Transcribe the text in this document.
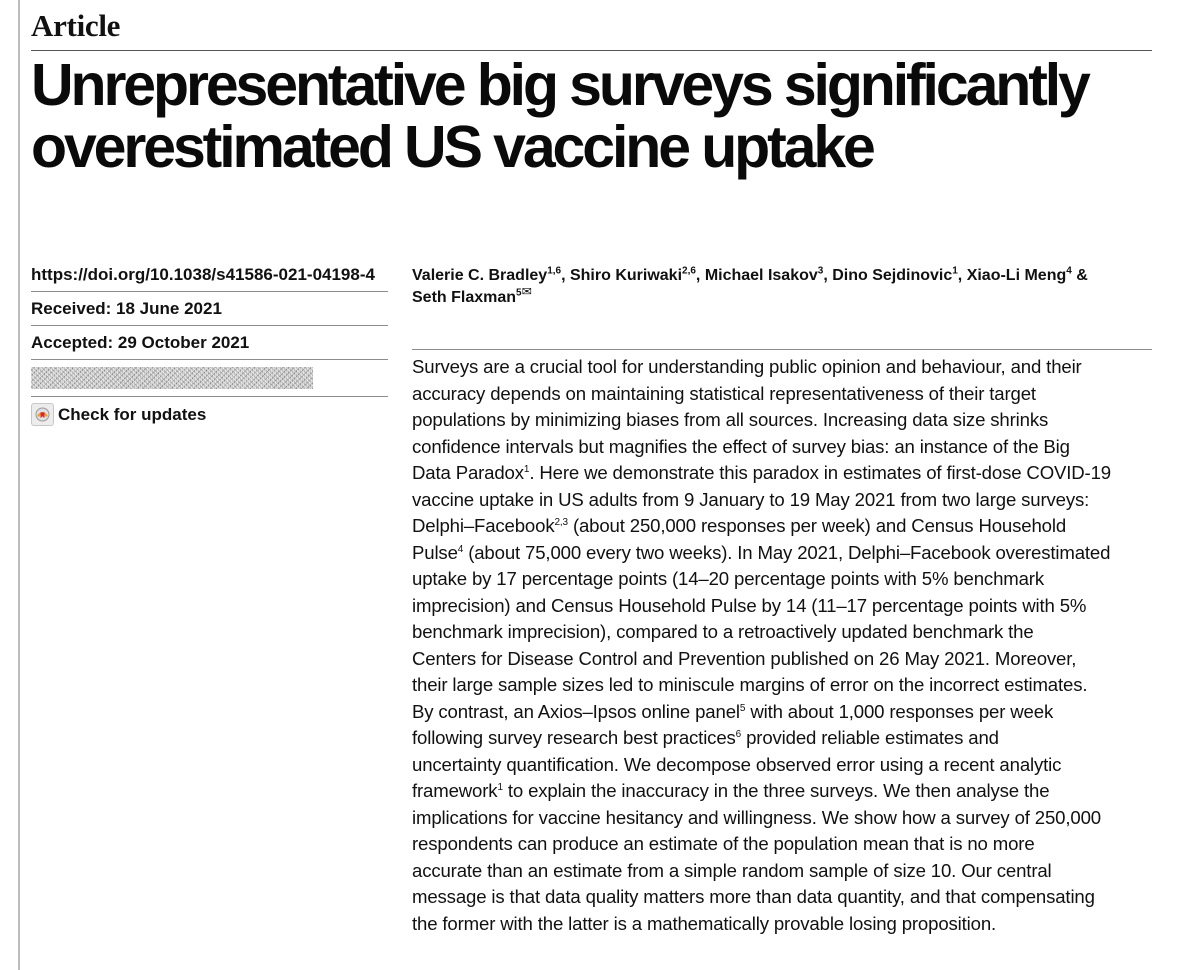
Article
Unrepresentative big surveys significantly
overestimated US vaccine uptake
https://doi.org/10.1038/s41586-021-04198-4
Received: 18 June 2021
Accepted: 29 October 2021
Check for updates

Valerie C. Bradley$^{1,6}$, Shiro Kuriwaki$^{2,6}$, Michael Isakov$^3$, Dino Sejdinovic$^1$, Xiao-Li Meng$^4$ &
Seth Flaxman$^{5✉}$

Surveys are a crucial tool for understanding public opinion and behaviour, and their
accuracy depends on maintaining statistical representativeness of their target
populations by minimizing biases from all sources. Increasing data size shrinks
confidence intervals but magnifies the effect of survey bias: an instance of the Big
Data Paradox$^1$. Here we demonstrate this paradox in estimates of first-dose COVID-19
vaccine uptake in US adults from 9 January to 19 May 2021 from two large surveys:
Delphi–Facebook$^{2,3}$ (about 250,000 responses per week) and Census Household
Pulse$^4$ (about 75,000 every two weeks). In May 2021, Delphi–Facebook overestimated
uptake by 17 percentage points (14–20 percentage points with 5% benchmark
imprecision) and Census Household Pulse by 14 (11–17 percentage points with 5%
benchmark imprecision), compared to a retroactively updated benchmark the
Centers for Disease Control and Prevention published on 26 May 2021. Moreover,
their large sample sizes led to miniscule margins of error on the incorrect estimates.
By contrast, an Axios–Ipsos online panel$^5$ with about 1,000 responses per week
following survey research best practices$^6$ provided reliable estimates and
uncertainty quantification. We decompose observed error using a recent analytic
framework$^1$ to explain the inaccuracy in the three surveys. We then analyse the
implications for vaccine hesitancy and willingness. We show how a survey of 250,000
respondents can produce an estimate of the population mean that is no more
accurate than an estimate from a simple random sample of size 10. Our central
message is that data quality matters more than data quantity, and that compensating
the former with the latter is a mathematically provable losing proposition.
